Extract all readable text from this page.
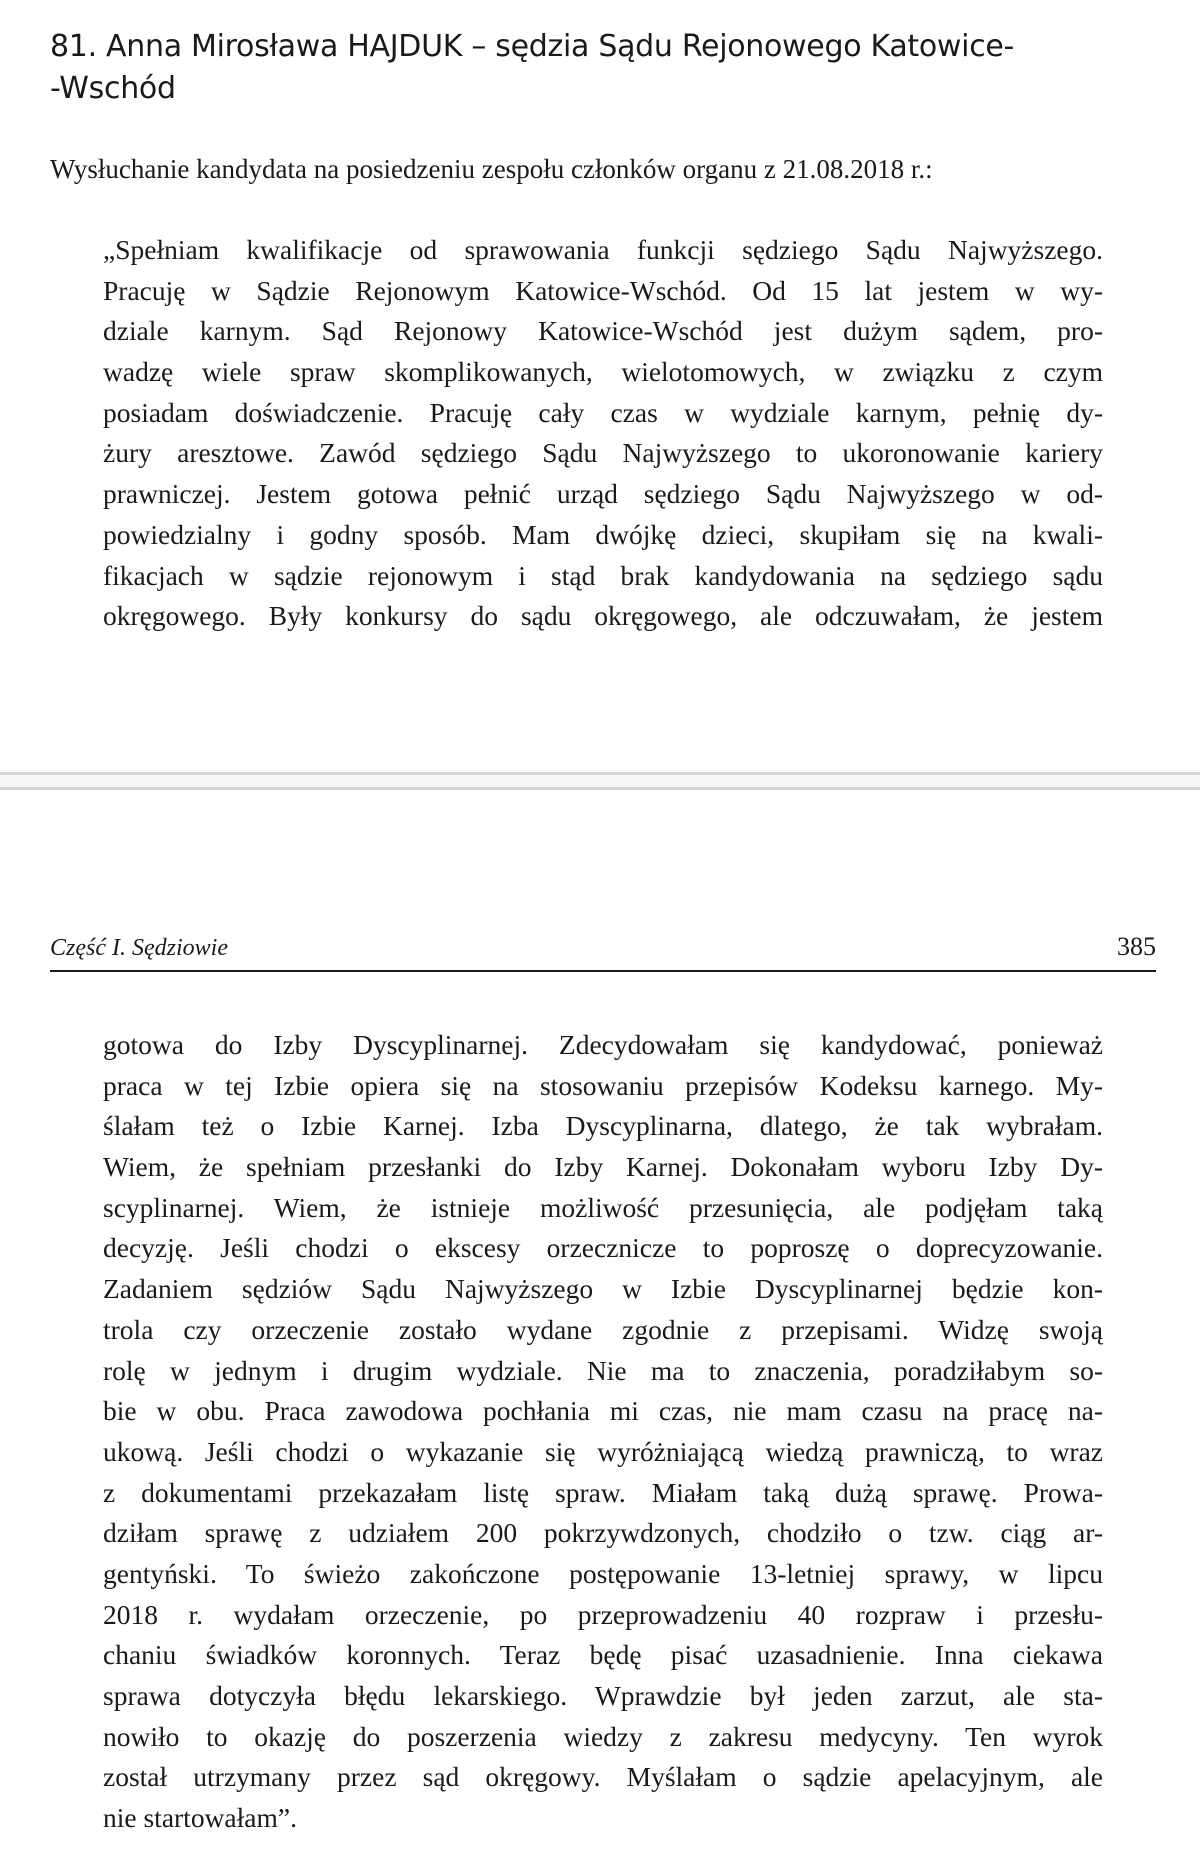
81. Anna Mirosława HAJDUK – sędzia Sądu Rejonowego Katowice-
-Wschód

Wysłuchanie kandydata na posiedzeniu zespołu członków organu z 21.08.2018 r.:

„Spełniam kwalifikacje od sprawowania funkcji sędziego Sądu Najwyższego.
Pracuję w Sądzie Rejonowym Katowice-Wschód. Od 15 lat jestem w wy-
dziale karnym. Sąd Rejonowy Katowice-Wschód jest dużym sądem, pro-
wadzę wiele spraw skomplikowanych, wielotomowych, w związku z czym
posiadam doświadczenie. Pracuję cały czas w wydziale karnym, pełnię dy-
żury aresztowe. Zawód sędziego Sądu Najwyższego to ukoronowanie kariery
prawniczej. Jestem gotowa pełnić urząd sędziego Sądu Najwyższego w od-
powiedzialny i godny sposób. Mam dwójkę dzieci, skupiłam się na kwali-
fikacjach w sądzie rejonowym i stąd brak kandydowania na sędziego sądu
okręgowego. Były konkursy do sądu okręgowego, ale odczuwałam, że jestem
Część I. Sędziowie	385
gotowa do Izby Dyscyplinarnej. Zdecydowałam się kandydować, ponieważ
praca w tej Izbie opiera się na stosowaniu przepisów Kodeksu karnego. My-
ślałam też o Izbie Karnej. Izba Dyscyplinarna, dlatego, że tak wybrałam.
Wiem, że spełniam przesłanki do Izby Karnej. Dokonałam wyboru Izby Dy-
scyplinarnej. Wiem, że istnieje możliwość przesunięcia, ale podjęłam taką
decyzję. Jeśli chodzi o ekscesy orzecznicze to poproszę o doprecyzowanie.
Zadaniem sędziów Sądu Najwyższego w Izbie Dyscyplinarnej będzie kon-
trola czy orzeczenie zostało wydane zgodnie z przepisami. Widzę swoją
rolę w jednym i drugim wydziale. Nie ma to znaczenia, poradziłabym so-
bie w obu. Praca zawodowa pochłania mi czas, nie mam czasu na pracę na-
ukową. Jeśli chodzi o wykazanie się wyróżniającą wiedzą prawniczą, to wraz
z dokumentami przekazałam listę spraw. Miałam taką dużą sprawę. Prowa-
dziłam sprawę z udziałem 200 pokrzywdzonych, chodziło o tzw. ciąg ar-
gentyński. To świeżo zakończone postępowanie 13-letniej sprawy, w lipcu
2018 r. wydałam orzeczenie, po przeprowadzeniu 40 rozpraw i przesłu-
chaniu świadków koronnych. Teraz będę pisać uzasadnienie. Inna ciekawa
sprawa dotyczyła błędu lekarskiego. Wprawdzie był jeden zarzut, ale sta-
nowiło to okazję do poszerzenia wiedzy z zakresu medycyny. Ten wyrok
został utrzymany przez sąd okręgowy. Myślałam o sądzie apelacyjnym, ale
nie startowałam”.
